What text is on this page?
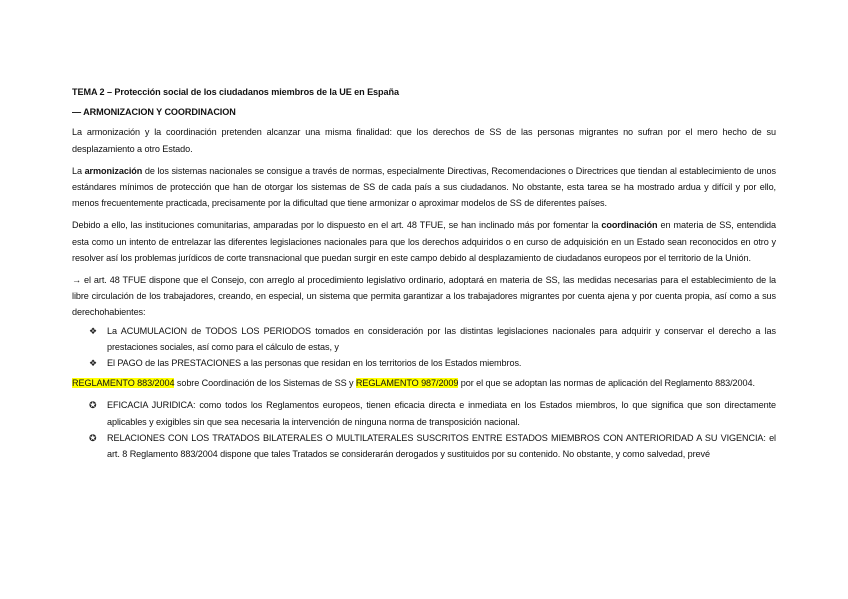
TEMA 2 – Protección social de los ciudadanos miembros de la UE en España
— ARMONIZACION Y COORDINACION

La armonización y la coordinación pretenden alcanzar una misma finalidad: que los derechos de SS de las personas migrantes no sufran por el mero hecho de su desplazamiento a otro Estado.

La armonización de los sistemas nacionales se consigue a través de normas, especialmente Directivas, Recomendaciones o Directrices que tiendan al establecimiento de unos estándares mínimos de protección que han de otorgar los sistemas de SS de cada país a sus ciudadanos. No obstante, esta tarea se ha mostrado ardua y difícil y por ello, menos frecuentemente practicada, precisamente por la dificultad que tiene armonizar o aproximar modelos de SS de diferentes países.

Debido a ello, las instituciones comunitarias, amparadas por lo dispuesto en el art. 48 TFUE, se han inclinado más por fomentar la coordinación en materia de SS, entendida esta como un intento de entrelazar las diferentes legislaciones nacionales para que los derechos adquiridos o en curso de adquisición en un Estado sean reconocidos en otro y resolver así los problemas jurídicos de corte transnacional que puedan surgir en este campo debido al desplazamiento de ciudadanos europeos por el territorio de la Unión.

→ el art. 48 TFUE dispone que el Consejo, con arreglo al procedimiento legislativo ordinario, adoptará en materia de SS, las medidas necesarias para el establecimiento de la libre circulación de los trabajadores, creando, en especial, un sistema que permita garantizar a los trabajadores migrantes por cuenta ajena y por cuenta propia, así como a sus derechohabientes:

❖ La ACUMULACION de TODOS LOS PERIODOS tomados en consideración por las distintas legislaciones nacionales para adquirir y conservar el derecho a las prestaciones sociales, así como para el cálculo de estas, y
❖ El PAGO de las PRESTACIONES a las personas que residan en los territorios de los Estados miembros.

REGLAMENTO 883/2004 sobre Coordinación de los Sistemas de SS y REGLAMENTO 987/2009 por el que se adoptan las normas de aplicación del Reglamento 883/2004.

✪ EFICACIA JURIDICA: como todos los Reglamentos europeos, tienen eficacia directa e inmediata en los Estados miembros, lo que significa que son directamente aplicables y exigibles sin que sea necesaria la intervención de ninguna norma de transposición nacional.
✪ RELACIONES CON LOS TRATADOS BILATERALES O MULTILATERALES SUSCRITOS ENTRE ESTADOS MIEMBROS CON ANTERIORIDAD A SU VIGENCIA: el art. 8 Reglamento 883/2004 dispone que tales Tratados se considerarán derogados y sustituidos por su contenido. No obstante, y como salvedad, prevé
